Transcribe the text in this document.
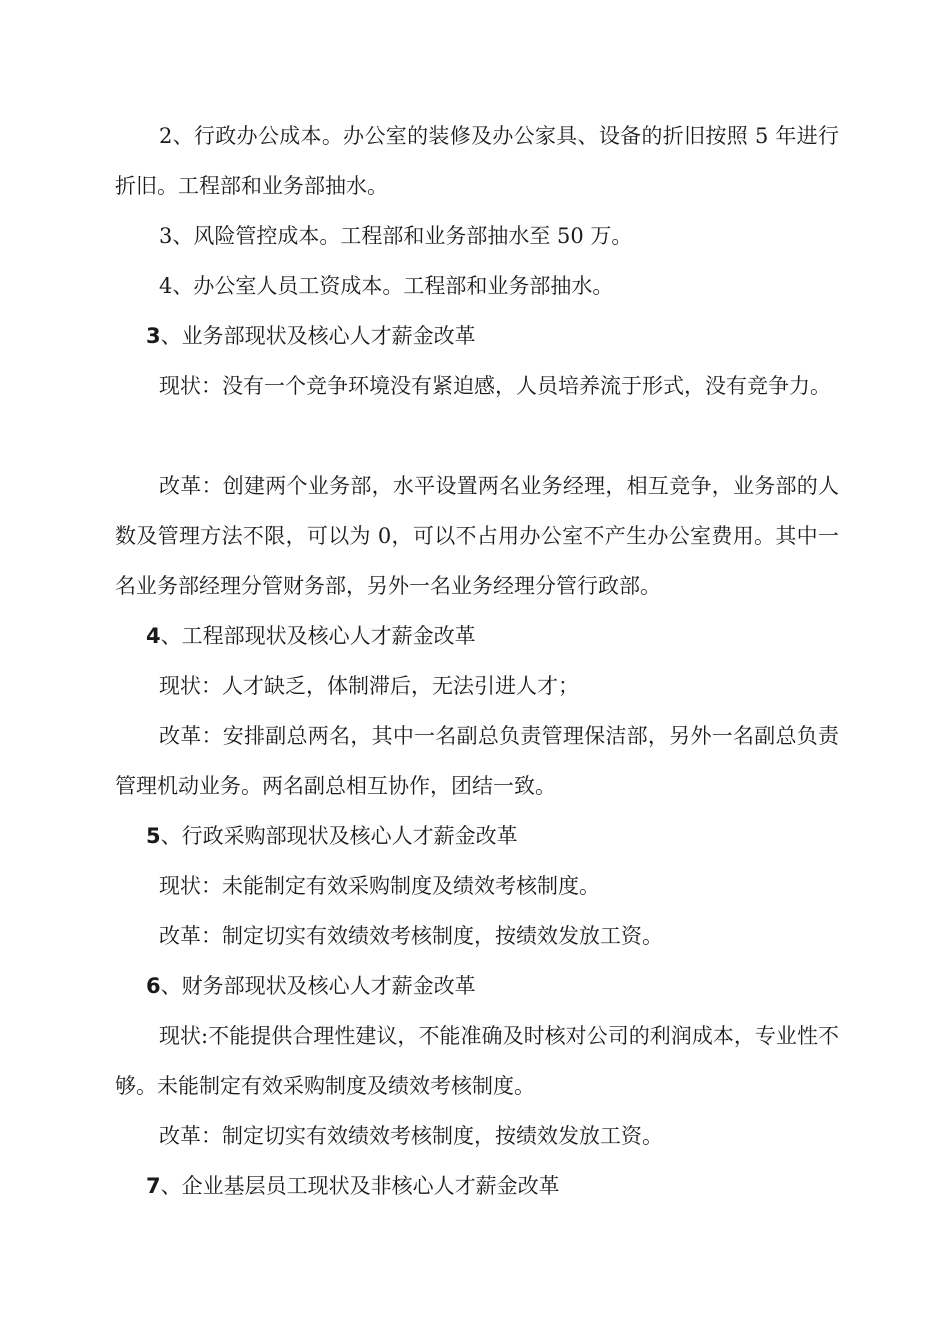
2、行政办公成本。办公室的装修及办公家具、设备的折旧按照 5 年进行折旧。工程部和业务部抽水。

3、风险管控成本。工程部和业务部抽水至 50 万。

4、办公室人员工资成本。工程部和业务部抽水。

3、业务部现状及核心人才薪金改革

现状：没有一个竞争环境没有紧迫感，人员培养流于形式，没有竞争力。

改革：创建两个业务部，水平设置两名业务经理，相互竞争，业务部的人数及管理方法不限，可以为 0，可以不占用办公室不产生办公室费用。其中一名业务部经理分管财务部，另外一名业务经理分管行政部。

4、工程部现状及核心人才薪金改革

现状：人才缺乏，体制滞后，无法引进人才；

改革：安排副总两名，其中一名副总负责管理保洁部，另外一名副总负责管理机动业务。两名副总相互协作，团结一致。

5、行政采购部现状及核心人才薪金改革

现状：未能制定有效采购制度及绩效考核制度。

改革：制定切实有效绩效考核制度，按绩效发放工资。

6、财务部现状及核心人才薪金改革

现状:不能提供合理性建议，不能准确及时核对公司的利润成本，专业性不够。未能制定有效采购制度及绩效考核制度。

改革：制定切实有效绩效考核制度，按绩效发放工资。

7、企业基层员工现状及非核心人才薪金改革
